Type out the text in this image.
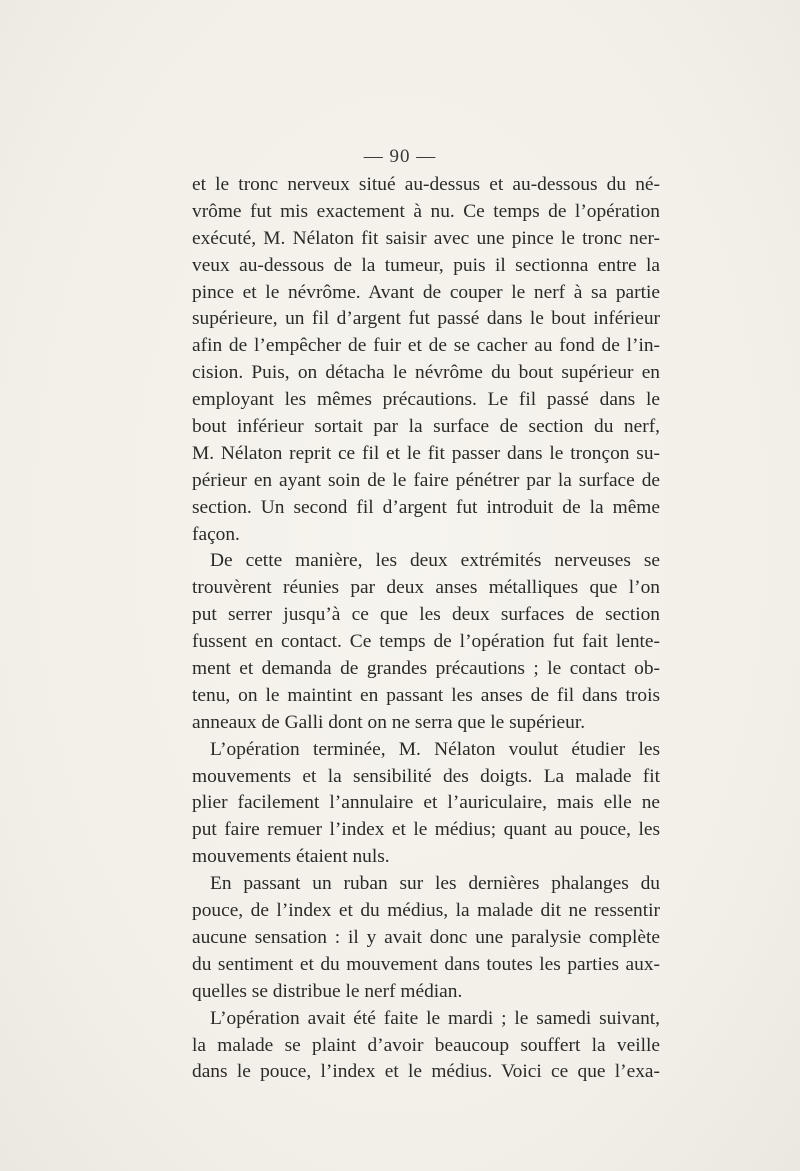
— 90 —
et le tronc nerveux situé au-dessus et au-dessous du né-
vrôme fut mis exactement à nu. Ce temps de l’opération
exécuté, M. Nélaton fit saisir avec une pince le tronc ner-
veux au-dessous de la tumeur, puis il sectionna entre la
pince et le névrôme. Avant de couper le nerf à sa partie
supérieure, un fil d’argent fut passé dans le bout inférieur
afin de l’empêcher de fuir et de se cacher au fond de l’in-
cision. Puis, on détacha le névrôme du bout supérieur en
employant les mêmes précautions. Le fil passé dans le
bout inférieur sortait par la surface de section du nerf,
M. Nélaton reprit ce fil et le fit passer dans le tronçon su-
périeur en ayant soin de le faire pénétrer par la surface de
section. Un second fil d’argent fut introduit de la même
façon.
De cette manière, les deux extrémités nerveuses se
trouvèrent réunies par deux anses métalliques que l’on
put serrer jusqu’à ce que les deux surfaces de section
fussent en contact. Ce temps de l’opération fut fait lente-
ment et demanda de grandes précautions ; le contact ob-
tenu, on le maintint en passant les anses de fil dans trois
anneaux de Galli dont on ne serra que le supérieur.
L’opération terminée, M. Nélaton voulut étudier les
mouvements et la sensibilité des doigts. La malade fit
plier facilement l’annulaire et l’auriculaire, mais elle ne
put faire remuer l’index et le médius; quant au pouce, les
mouvements étaient nuls.
En passant un ruban sur les dernières phalanges du
pouce, de l’index et du médius, la malade dit ne ressentir
aucune sensation : il y avait donc une paralysie complète
du sentiment et du mouvement dans toutes les parties aux-
quelles se distribue le nerf médian.
L’opération avait été faite le mardi ; le samedi suivant,
la malade se plaint d’avoir beaucoup souffert la veille
dans le pouce, l’index et le médius. Voici ce que l’exa-
